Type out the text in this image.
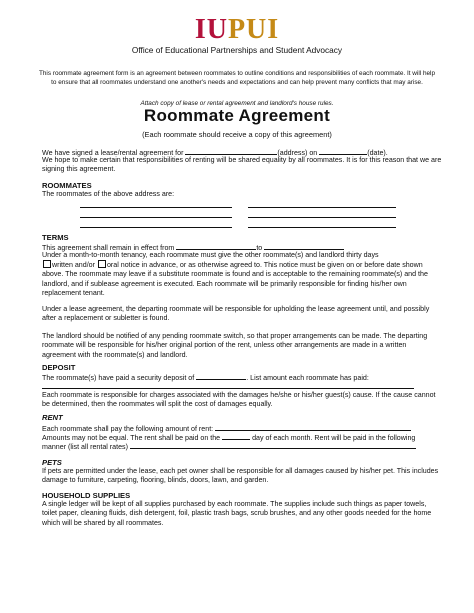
IUPUI
Office of Educational Partnerships and Student Advocacy
This roommate agreement form is an agreement between roommates to outline conditions and responsibilities of each roommate. It will help to ensure that all roommates understand one another's needs and expectations and can help prevent many conflicts that may arise.
Attach copy of lease or rental agreement and landlord's house rules.
Roommate Agreement
(Each roommate should receive a copy of this agreement)
We have signed a lease/rental agreement for	(address) on	(date).
We hope to make certain that responsibilities of renting will be shared equality by all roommates. It is for this reason that we are signing this agreement.
ROOMMATES
The roommates of the above address are:
TERMS
This agreement shall remain in effect from	to
Under a month-to-month tenancy, each roommate must give the other roommate(s) and landlord thirty days
written and/or oral notice in advance, or as otherwise agreed to. This notice must be given on or before date shown above. The roommate may leave if a substitute roommate is found and is acceptable to the remaining roommate(s) and the landlord, and if sublease agreement is executed. Each roommate will be primarily responsible for finding his/her own replacement tenant.
Under a lease agreement, the departing roommate will be responsible for upholding the lease agreement until, and possibly after a replacement or subletter is found.
The landlord should be notified of any pending roommate switch, so that proper arrangements can be made. The departing roommate will be responsible for his/her original portion of the rent, unless other arrangements are made in a written agreement with the roommate(s) and landlord.
DEPOSIT
The roommate(s) have paid a security deposit of	. List amount each roommate has paid:
Each roommate is responsible for charges associated with the damages he/she or his/her guest(s) cause. If the cause cannot be determined, then the roommates will split the cost of damages equally.
RENT
Each roommate shall pay the following amount of rent:
Amounts may not be equal. The rent shall be paid on the	day of each month. Rent will be paid in the following
manner (list all rental rates)
PETS
If pets are permitted under the lease, each pet owner shall be responsible for all damages caused by his/her pet. This includes damage to furniture, carpeting, flooring, blinds, doors, lawn, and garden.
HOUSEHOLD SUPPLIES
A single ledger will be kept of all supplies purchased by each roommate. The supplies include such things as paper towels, toilet paper, cleaning fluids, dish detergent, foil, plastic trash bags, scrub brushes, and any other goods needed for the home which will be shared by all roommates.
